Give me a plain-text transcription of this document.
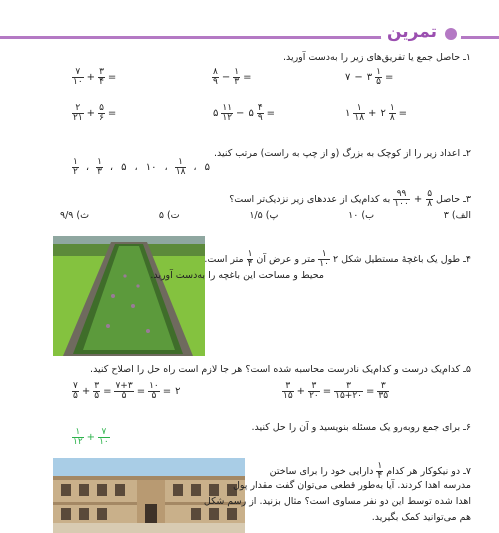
تمرین
۱ـ حاصل جمع یا تفریق‌های زیر را به‌دست آورید.
$\frac{۷}{۱۰} + \frac{۳}{۴}$ =	$\frac{۸}{۹} - \frac{۱}{۳}$ =	۷ − ۳ $\frac{۱}{۵}$ =
$\frac{۲}{۲۱} + \frac{۵}{۶}$ =	۵ $\frac{۱۱}{۱۲}$ − ۵ $\frac{۴}{۹}$ =	۱ $\frac{۱}{۱۸}$ + ۲ $\frac{۱}{۸}$ =
۲ـ اعداد زیر را از کوچک به بزرگ (و از چپ به راست) مرتب کنید.
$\frac{۱}{۲}$ ، $\frac{۱}{۳}$ ، ۵ ، ۱۰ ، $\frac{۱}{۱۸}$ ، ۵
۳ـ حاصل
$\frac{۵}{۸}$
+
$\frac{۹۹}{۱۰۰}$
به کدام‌یک از عددهای زیر نزدیک‌تر است؟
الف) ۳
ب) ۱۰
پ) ۱/۵
ت) ۵
ث) ۹/۹
۴ـ طول یک باغچهٔ مستطیل شکل
۲
$\frac{۱}{۱۰}$
متر و عرض آن
$\frac{۱}{۴}$
متر است.
محیط و مساحت این باغچه را به‌دست آورید.
۵ـ کدام‌یک درست و کدام‌یک نادرست محاسبه شده است؟ هر جا لازم است راه حل را اصلاح کنید.
$\frac{۳}{۱۵} + \frac{۳}{۲۰} = \frac{۳}{۱۵+۲۰} = \frac{۳}{۳۵}$
$\frac{۷}{۵} + \frac{۳}{۵} = \frac{۷+۳}{۵} = \frac{۱۰}{۵}$ = ۲
۶ـ برای جمع روبه‌رو یک مسئله بنویسید و آن را حل کنید.
$\frac{۱}{۱۲} + \frac{۷}{۱۰}$
۷ـ دو نیکوکار هر کدام
$\frac{۱}{۴}$
دارایی خود را برای ساختن
مدرسه اهدا کردند. آیا به‌طور قطعی می‌توان گفت مقدار پول
اهدا شده توسط این دو نفر مساوی است؟ مثال بزنید. از رسم شکل
هم می‌توانید کمک بگیرید.
